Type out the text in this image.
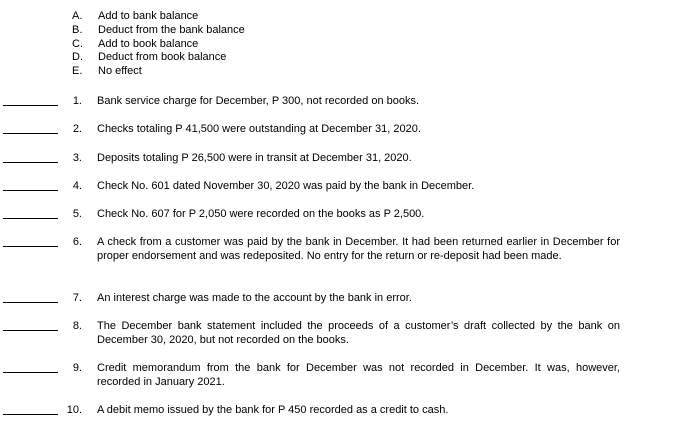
A. Add to bank balance
B. Deduct from the bank balance
C. Add to book balance
D. Deduct from book balance
E. No effect
1. Bank service charge for December, P 300, not recorded on books.
2. Checks totaling P 41,500 were outstanding at December 31, 2020.
3. Deposits totaling P 26,500 were in transit at December 31, 2020.
4. Check No. 601 dated November 30, 2020 was paid by the bank in December.
5. Check No. 607 for P 2,050 were recorded on the books as P 2,500.
6. A check from a customer was paid by the bank in December. It had been returned earlier in December for proper endorsement and was redeposited. No entry for the return or re-deposit had been made.
7. An interest charge was made to the account by the bank in error.
8. The December bank statement included the proceeds of a customer’s draft collected by the bank on December 30, 2020, but not recorded on the books.
9. Credit memorandum from the bank for December was not recorded in December. It was, however, recorded in January 2021.
10. A debit memo issued by the bank for P 450 recorded as a credit to cash.
